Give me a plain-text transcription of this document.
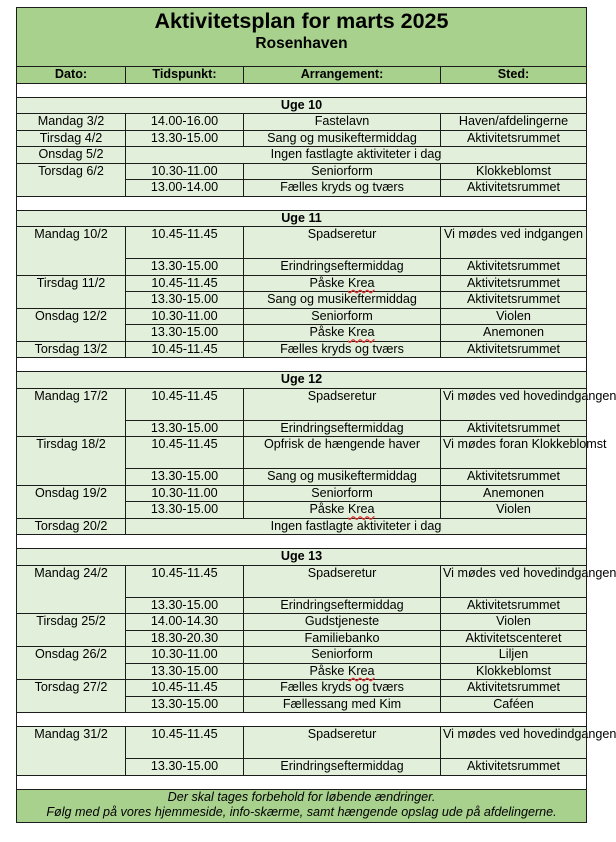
Aktivitetsplan for marts 2025
Rosenhaven			

Dato:	Tidspunkt:	Arrangement:	Sted:

Uge 10			
Mandag 3/2	14.00-16.00	Fastelavn	Haven/afdelingerne
Tirsdag 4/2	13.30-15.00	Sang og musikeftermiddag	Aktivitetsrummet
Onsdag 5/2	Ingen fastlagte aktiviteter i dag		
Torsdag 6/2	10.30-11.00	Seniorform	Klokkeblomst
	13.00-14.00	Fælles kryds og tværs	Aktivitetsrummet

Uge 11			
Mandag 10/2	10.45-11.45	Spadseretur	Vi mødes ved indgangen
	13.30-15.00	Erindringseftermiddag	Aktivitetsrummet
Tirsdag 11/2	10.45-11.45	Påske Krea	Aktivitetsrummet
	13.30-15.00	Sang og musikeftermiddag	Aktivitetsrummet
Onsdag 12/2	10.30-11.00	Seniorform	Violen
	13.30-15.00	Påske Krea	Anemonen
Torsdag 13/2	10.45-11.45	Fælles kryds og tværs	Aktivitetsrummet

Uge 12			
Mandag 17/2	10.45-11.45	Spadseretur	Vi mødes ved hovedindgangen
	13.30-15.00	Erindringseftermiddag	Aktivitetsrummet
Tirsdag 18/2	10.45-11.45	Opfrisk de hængende haver	Vi mødes foran Klokkeblomst
	13.30-15.00	Sang og musikeftermiddag	Aktivitetsrummet
Onsdag 19/2	10.30-11.00	Seniorform	Anemonen
	13.30-15.00	Påske Krea	Violen
Torsdag 20/2	Ingen fastlagte aktiviteter i dag		

Uge 13			
Mandag 24/2	10.45-11.45	Spadseretur	Vi mødes ved hovedindgangen
	13.30-15.00	Erindringseftermiddag	Aktivitetsrummet
Tirsdag 25/2	14.00-14.30	Gudstjeneste	Violen
	18.30-20.30	Familiebanko	Aktivitetscenteret
Onsdag 26/2	10.30-11.00	Seniorform	Liljen
	13.30-15.00	Påske Krea	Klokkeblomst
Torsdag 27/2	10.45-11.45	Fælles kryds og tværs	Aktivitetsrummet
	13.30-15.00	Fællessang med Kim	Caféen

Mandag 31/2	10.45-11.45	Spadseretur	Vi mødes ved hovedindgangen
	13.30-15.00	Erindringseftermiddag	Aktivitetsrummet

Der skal tages forbehold for løbende ændringer.
Følg med på vores hjemmeside, info-skærme, samt hængende opslag ude på afdelingerne.			
